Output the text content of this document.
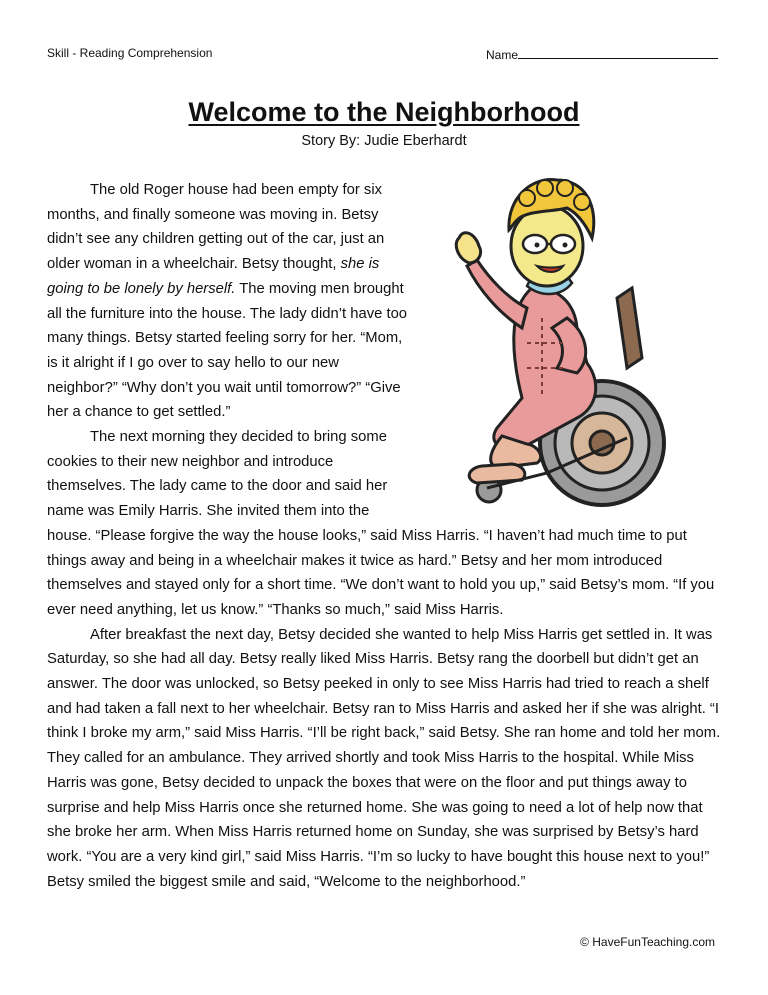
Skill - Reading Comprehension	Name
Welcome to the Neighborhood
Story By: Judie Eberhardt

The old Roger house had been empty for six months, and finally someone was moving in. Betsy didn’t see any children getting out of the car, just an older woman in a wheelchair. Betsy thought, she is going to be lonely by herself. The moving men brought all the furniture into the house. The lady didn’t have too many things. Betsy started feeling sorry for her. “Mom, is it alright if I go over to say hello to our new neighbor?” “Why don’t you wait until tomorrow?” “Give her a chance to get settled.”

The next morning they decided to bring some cookies to their new neighbor and introduce themselves. The lady came to the door and said her name was Emily Harris. She invited them into the house. “Please forgive the way the house looks,” said Miss Harris. “I haven’t had much time to put things away and being in a wheelchair makes it twice as hard.” Betsy and her mom introduced themselves and stayed only for a short time. “We don’t want to hold you up,” said Betsy’s mom. “If you ever need anything, let us know.” “Thanks so much,” said Miss Harris.

After breakfast the next day, Betsy decided she wanted to help Miss Harris get settled in. It was Saturday, so she had all day. Betsy really liked Miss Harris. Betsy rang the doorbell but didn’t get an answer. The door was unlocked, so Betsy peeked in only to see Miss Harris had tried to reach a shelf and had taken a fall next to her wheelchair. Betsy ran to Miss Harris and asked her if she was alright. “I think I broke my arm,” said Miss Harris. “I’ll be right back,” said Betsy. She ran home and told her mom. They called for an ambulance. They arrived shortly and took Miss Harris to the hospital. While Miss Harris was gone, Betsy decided to unpack the boxes that were on the floor and put things away to surprise and help Miss Harris once she returned home. She was going to need a lot of help now that she broke her arm. When Miss Harris returned home on Sunday, she was surprised by Betsy’s hard work. “You are a very kind girl,” said Miss Harris. “I’m so lucky to have bought this house next to you!” Betsy smiled the biggest smile and said, “Welcome to the neighborhood.”

© HaveFunTeaching.com
